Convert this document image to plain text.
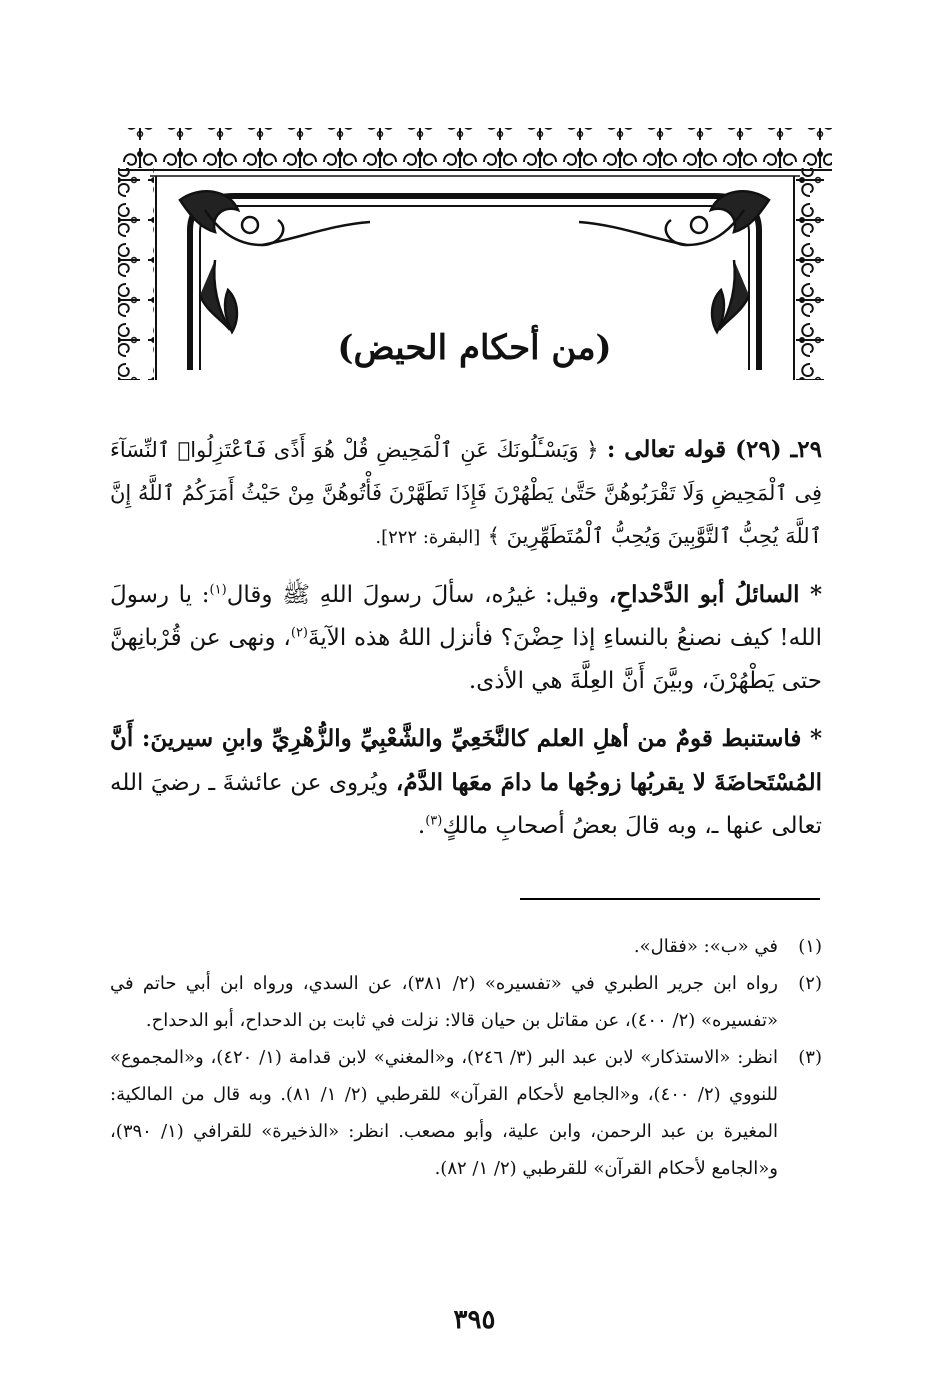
(من أحكام الحيض)

٢٩ـ (٢٩) قوله تعالى : ﴿ وَيَسْـَٔلُونَكَ عَنِ ٱلْمَحِيضِ قُلْ هُوَ أَذًى فَٱعْتَزِلُوا۟ ٱلنِّسَآءَ فِى ٱلْمَحِيضِ وَلَا تَقْرَبُوهُنَّ حَتَّىٰ يَطْهُرْنَ فَإِذَا تَطَهَّرْنَ فَأْتُوهُنَّ مِنْ حَيْثُ أَمَرَكُمُ ٱللَّهُ إِنَّ ٱللَّهَ يُحِبُّ ٱلتَّوَّٰبِينَ وَيُحِبُّ ٱلْمُتَطَهِّرِينَ ﴾ [البقرة: ٢٢٢].

* السائلُ أبو الدَّحْداحِ، وقيل: غيرُه، سألَ رسولَ اللهِ ﷺ وقال$^{(١)}$: يا رسولَ الله! كيف نصنعُ بالنساءِ إذا حِضْنَ؟ فأنزل اللهُ هذه الآيةَ$^{(٢)}$، ونهى عن قُرْبانِهنَّ حتى يَطْهُرْنَ، وبيَّنَ أَنَّ العِلَّةَ هي الأذى.

* فاستنبط قومٌ من أهلِ العلم كالنَّخَعِيِّ والشَّعْبِيِّ والزُّهْرِيِّ وابنِ سيرينَ: أَنَّ المُسْتَحاضَةَ لا يقربُها زوجُها ما دامَ معَها الدَّمُ، ويُروى عن عائشةَ ـ رضيَ الله تعالى عنها ـ، وبه قالَ بعضُ أصحابِ مالكٍ$^{(٣)}$.

(١)
في «ب»: «فقال».
(٢)
رواه ابن جرير الطبري في «تفسيره» (٢/ ٣٨١)، عن السدي، ورواه ابن أبي حاتم في «تفسيره» (٢/ ٤٠٠)، عن مقاتل بن حيان قالا: نزلت في ثابت بن الدحداح، أبو الدحداح.
(٣)
انظر: «الاستذكار» لابن عبد البر (٣/ ٢٤٦)، و«المغني» لابن قدامة (١/ ٤٢٠)، و«المجموع» للنووي (٢/ ٤٠٠)، و«الجامع لأحكام القرآن» للقرطبي (٢/ ١/ ٨١). وبه قال من المالكية: المغيرة بن عبد الرحمن، وابن علية، وأبو مصعب. انظر: «الذخيرة» للقرافي (١/ ٣٩٠)، و«الجامع لأحكام القرآن» للقرطبي (٢/ ١/ ٨٢).
٣٩٥
